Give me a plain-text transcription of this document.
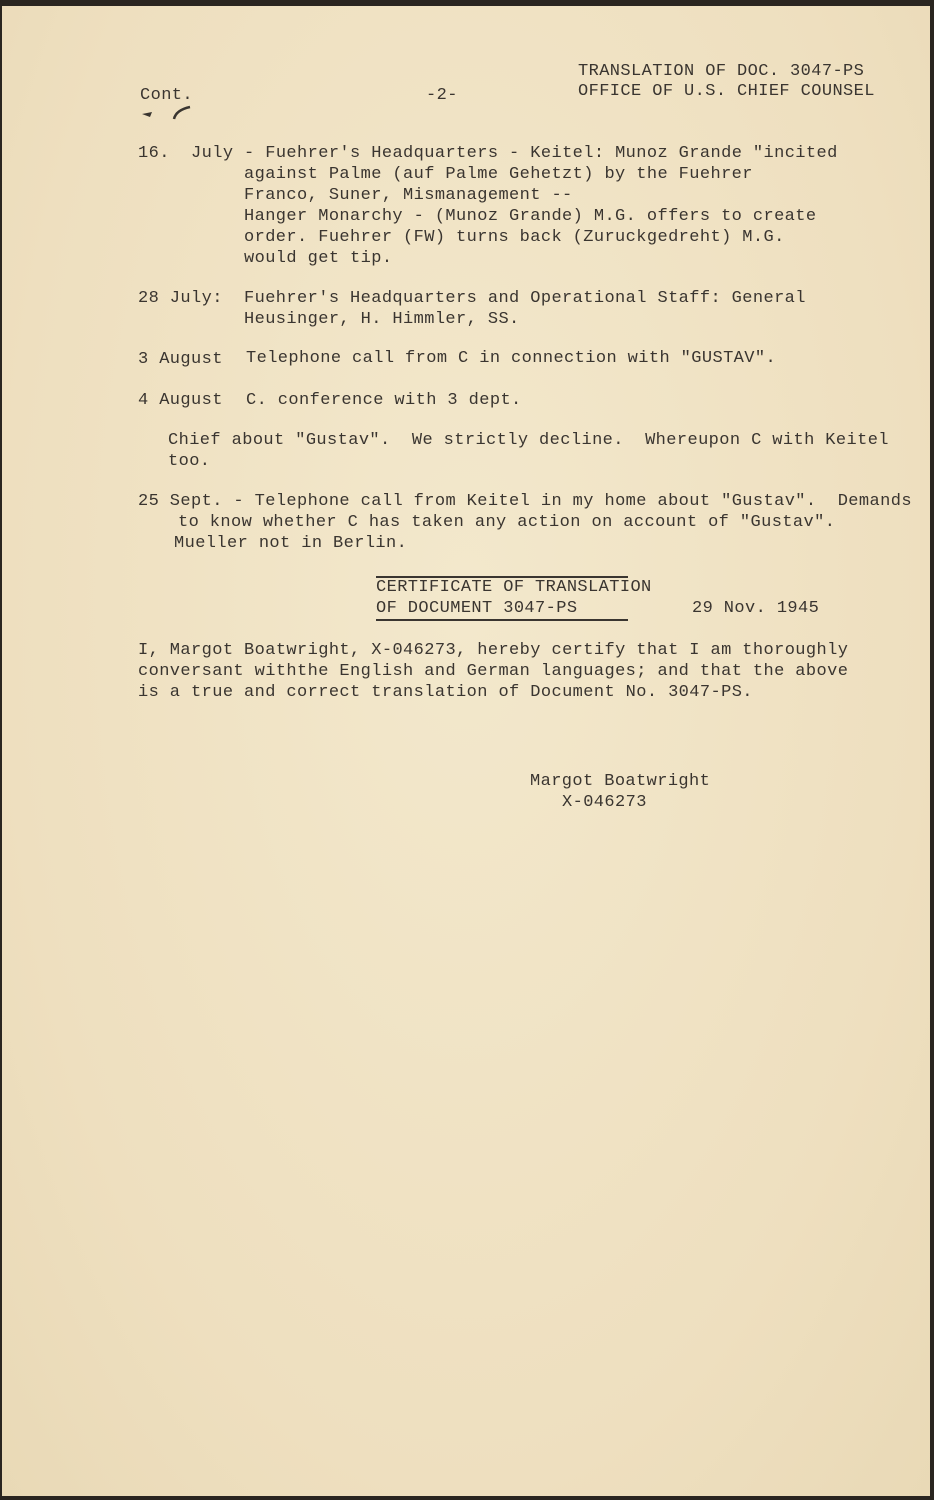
Cont.	-2-
TRANSLATION OF DOC. 3047-PS
OFFICE OF U.S. CHIEF COUNSEL
16.  July - Fuehrer's Headquarters - Keitel: Munoz Grande "incited
against Palme (auf Palme Gehetzt) by the Fuehrer
Franco, Suner, Mismanagement --
Hanger Monarchy - (Munoz Grande) M.G. offers to create
order. Fuehrer (FW) turns back (Zuruckgedreht) M.G.
would get tip.
28 July: Fuehrer's Headquarters and Operational Staff: General
Heusinger, H. Himmler, SS.
3 August Telephone call from C in connection with "GUSTAV".
4 August C. conference with 3 dept.
Chief about "Gustav".  We strictly decline.  Whereupon C with Keitel
too.
25 Sept. - Telephone call from Keitel in my home about "Gustav".  Demands
to know whether C has taken any action on account of "Gustav".
Mueller not in Berlin.
CERTIFICATE OF TRANSLATION
OF DOCUMENT 3047-PS	29 Nov. 1945
I, Margot Boatwright, X-046273, hereby certify that I am thoroughly
conversant withthe English and German languages; and that the above
is a true and correct translation of Document No. 3047-PS.
Margot Boatwright
X-046273
